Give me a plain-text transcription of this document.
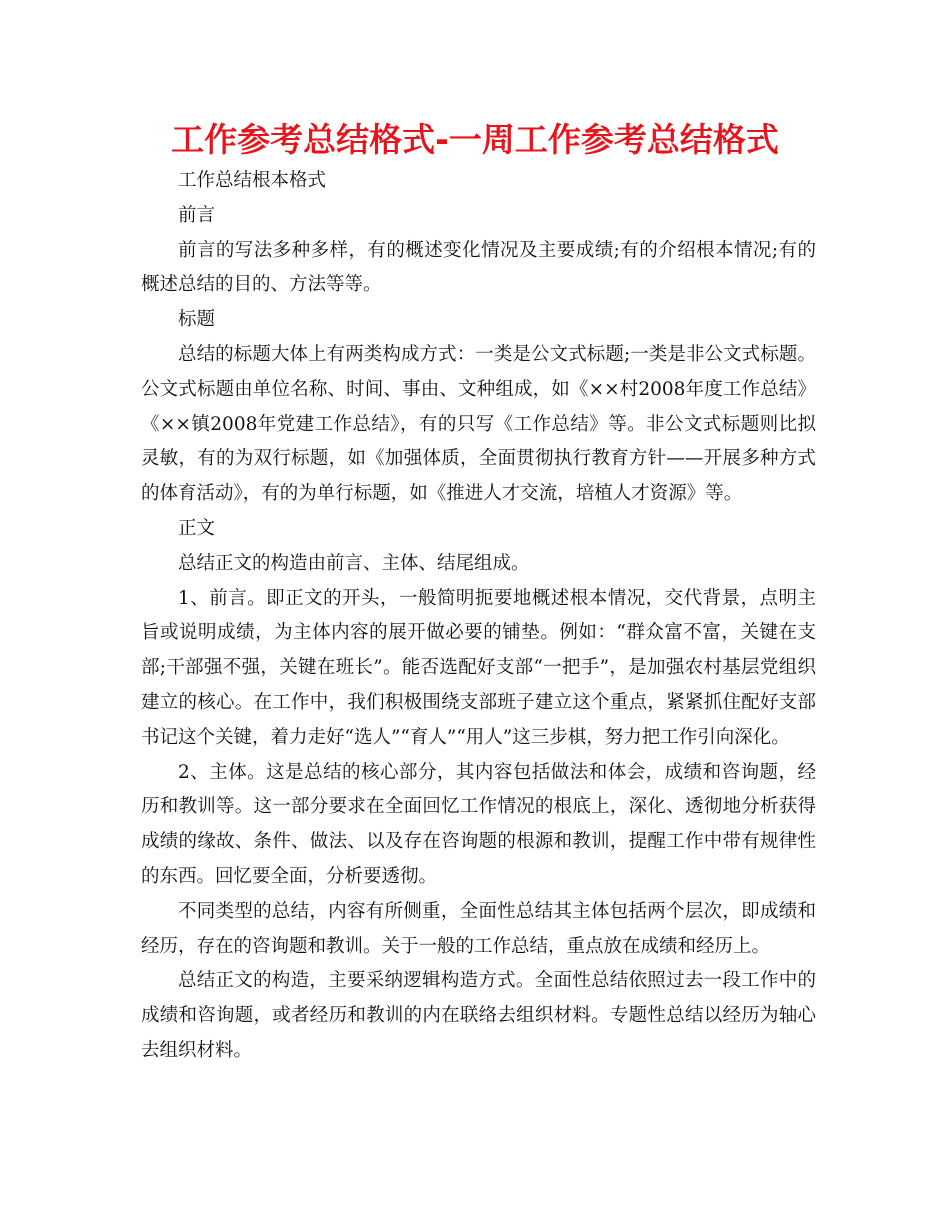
工作参考总结格式-一周工作参考总结格式

工作总结根本格式

前言

前言的写法多种多样，有的概述变化情况及主要成绩;有的介绍根本情况;有的概述总结的目的、方法等等。

标题

总结的标题大体上有两类构成方式：一类是公文式标题;一类是非公文式标题。公文式标题由单位名称、时间、事由、文种组成，如《××村2008年度工作总结》《××镇2008年党建工作总结》，有的只写《工作总结》等。非公文式标题则比拟灵敏，有的为双行标题，如《加强体质，全面贯彻执行教育方针——开展多种方式的体育活动》，有的为单行标题，如《推进人才交流，培植人才资源》等。

正文

总结正文的构造由前言、主体、结尾组成。

1、前言。即正文的开头，一般简明扼要地概述根本情况，交代背景，点明主旨或说明成绩，为主体内容的展开做必要的铺垫。例如：“群众富不富，关键在支部;干部强不强，关键在班长”。能否选配好支部“一把手”，是加强农村基层党组织建立的核心。在工作中，我们积极围绕支部班子建立这个重点，紧紧抓住配好支部书记这个关键，着力走好“选人”“育人”“用人”这三步棋，努力把工作引向深化。

2、主体。这是总结的核心部分，其内容包括做法和体会，成绩和咨询题，经历和教训等。这一部分要求在全面回忆工作情况的根底上，深化、透彻地分析获得成绩的缘故、条件、做法、以及存在咨询题的根源和教训，提醒工作中带有规律性的东西。回忆要全面，分析要透彻。

不同类型的总结，内容有所侧重，全面性总结其主体包括两个层次，即成绩和经历，存在的咨询题和教训。关于一般的工作总结，重点放在成绩和经历上。

总结正文的构造，主要采纳逻辑构造方式。全面性总结依照过去一段工作中的成绩和咨询题，或者经历和教训的内在联络去组织材料。专题性总结以经历为轴心去组织材料。
